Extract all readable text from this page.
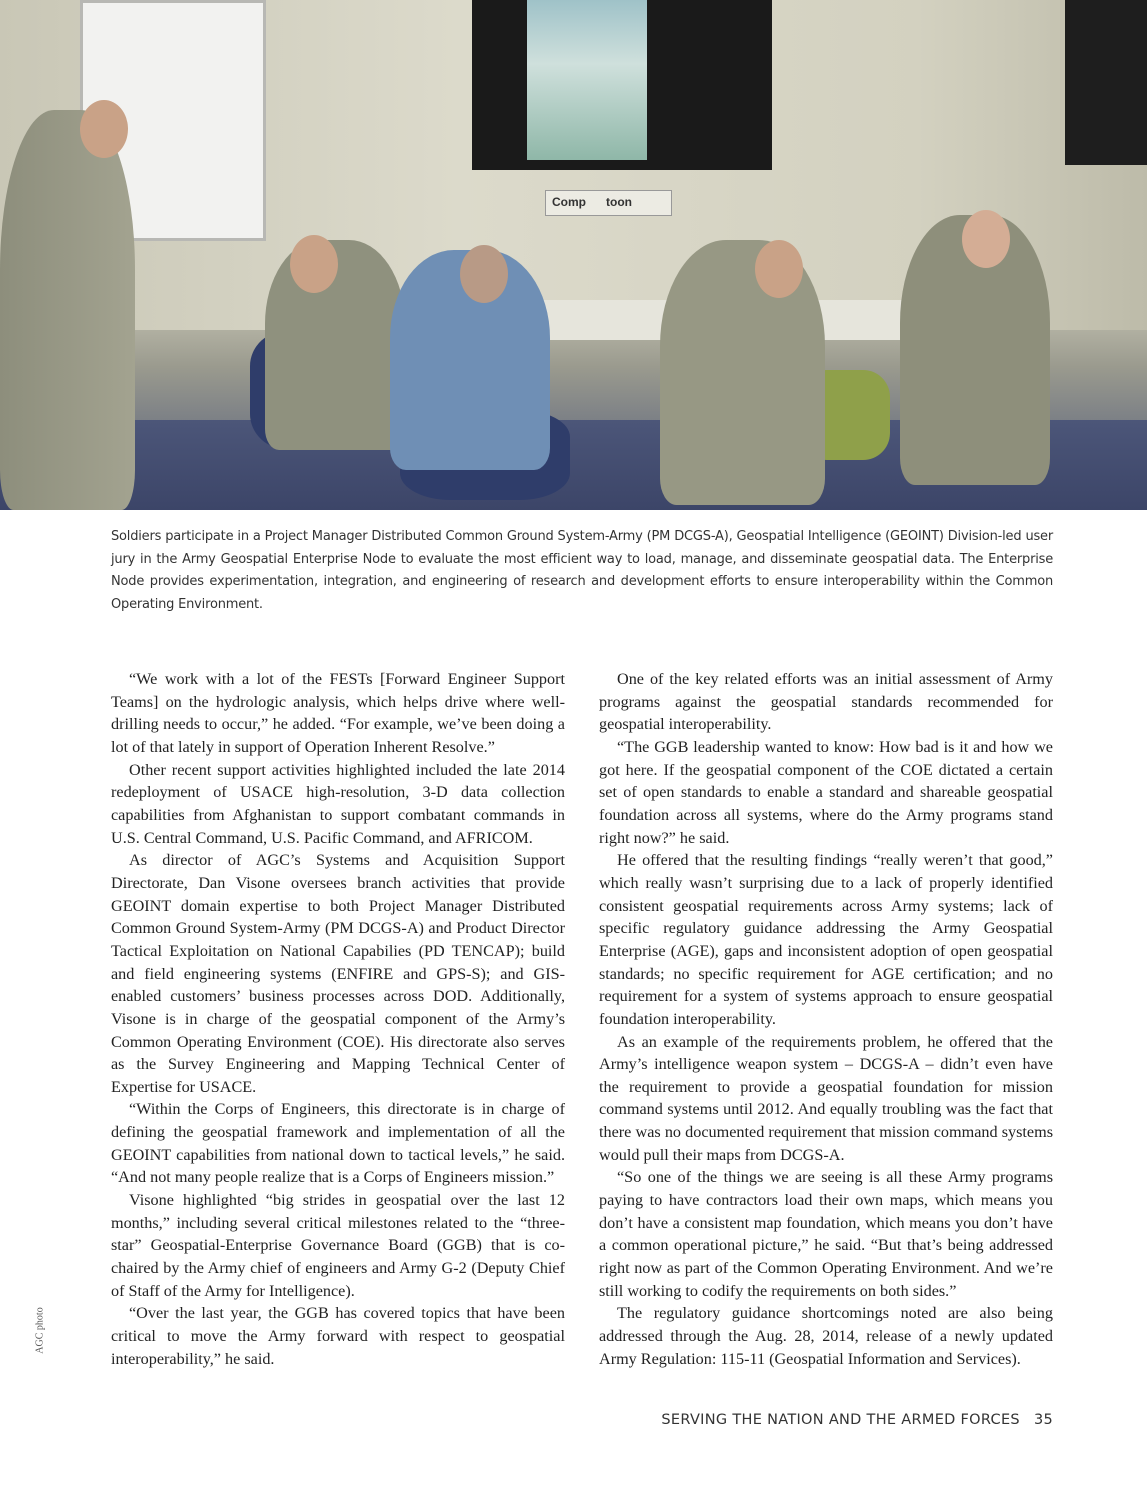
Comp      toon
Soldiers participate in a Project Manager Distributed Common Ground System-Army (PM DCGS-A), Geospatial Intelligence (GEOINT) Division-led user jury in the Army Geospatial Enterprise Node to evaluate the most efficient way to load, manage, and disseminate geospatial data. The Enterprise Node provides experimentation, integration, and engineering of research and development efforts to ensure interoperability within the Common Operating Environment.
AGC photo

“We work with a lot of the FESTs [Forward Engineer Support Teams] on the hydrologic analysis, which helps drive where well-drilling needs to occur,” he added. “For example, we’ve been doing a lot of that lately in support of Operation Inherent Resolve.”

Other recent support activities highlighted included the late 2014 redeployment of USACE high-resolution, 3-D data collection capabilities from Afghanistan to support combatant commands in U.S. Central Command, U.S. Pacific Command, and AFRICOM.

As director of AGC’s Systems and Acquisition Support Directorate, Dan Visone oversees branch activities that provide GEOINT domain expertise to both Project Manager Distributed Common Ground System-Army (PM DCGS-A) and Product Director Tactical Exploitation on National Capabilies (PD TENCAP); build and field engineering systems (ENFIRE and GPS-S); and GIS-enabled customers’ business processes across DOD. Additionally, Visone is in charge of the geospatial component of the Army’s Common Operating Environment (COE). His directorate also serves as the Survey Engineering and Mapping Technical Center of Expertise for USACE.

“Within the Corps of Engineers, this directorate is in charge of defining the geospatial framework and implementation of all the GEOINT capabilities from national down to tactical levels,” he said. “And not many people realize that is a Corps of Engineers mission.”

Visone highlighted “big strides in geospatial over the last 12 months,” including several critical milestones related to the “three-star” Geospatial-Enterprise Governance Board (GGB) that is co-chaired by the Army chief of engineers and Army G-2 (Deputy Chief of Staff of the Army for Intelligence).

“Over the last year, the GGB has covered topics that have been critical to move the Army forward with respect to geospatial interoperability,” he said.

One of the key related efforts was an initial assessment of Army programs against the geospatial standards recommended for geospatial interoperability.

“The GGB leadership wanted to know: How bad is it and how we got here. If the geospatial component of the COE dictated a certain set of open standards to enable a standard and shareable geospatial foundation across all systems, where do the Army programs stand right now?” he said.

He offered that the resulting findings “really weren’t that good,” which really wasn’t surprising due to a lack of properly identified consistent geospatial requirements across Army systems; lack of specific regulatory guidance addressing the Army Geospatial Enterprise (AGE), gaps and inconsistent adoption of open geospatial standards; no specific requirement for AGE certification; and no requirement for a system of systems approach to ensure geospatial foundation interoperability.

As an example of the requirements problem, he offered that the Army’s intelligence weapon system – DCGS-A – didn’t even have the requirement to provide a geospatial foundation for mission command systems until 2012. And equally troubling was the fact that there was no documented requirement that mission command systems would pull their maps from DCGS-A.

“So one of the things we are seeing is all these Army programs paying to have contractors load their own maps, which means you don’t have a consistent map foundation, which means you don’t have a common operational picture,” he said. “But that’s being addressed right now as part of the Common Operating Environment. And we’re still working to codify the requirements on both sides.”

The regulatory guidance shortcomings noted are also being addressed through the Aug. 28, 2014, release of a newly updated Army Regulation: 115-11 (Geospatial Information and Services).

SERVING THE NATION AND THE ARMED FORCES 35
